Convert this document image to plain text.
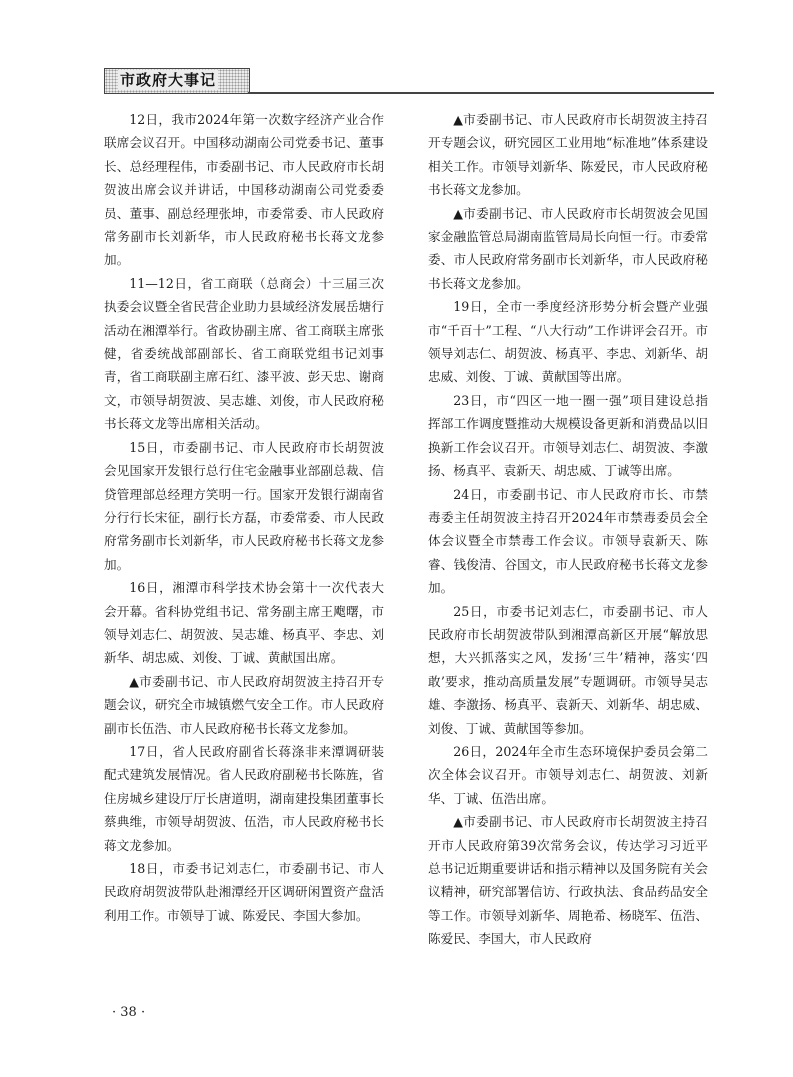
市政府大事记

12日，我市2024年第一次数字经济产业合作联席会议召开。中国移动湖南公司党委书记、董事长、总经理程伟，市委副书记、市人民政府市长胡贺波出席会议并讲话，中国移动湖南公司党委委员、董事、副总经理张坤，市委常委、市人民政府常务副市长刘新华，市人民政府秘书长蒋文龙参加。

11—12日，省工商联（总商会）十三届三次执委会议暨全省民营企业助力县域经济发展岳塘行活动在湘潭举行。省政协副主席、省工商联主席张健，省委统战部副部长、省工商联党组书记刘事青，省工商联副主席石红、漆平波、彭天忠、谢商文，市领导胡贺波、吴志雄、刘俊，市人民政府秘书长蒋文龙等出席相关活动。

15日，市委副书记、市人民政府市长胡贺波会见国家开发银行总行住宅金融事业部副总裁、信贷管理部总经理方笑明一行。国家开发银行湖南省分行行长宋征，副行长方磊，市委常委、市人民政府常务副市长刘新华，市人民政府秘书长蒋文龙参加。

16日，湘潭市科学技术协会第十一次代表大会开幕。省科协党组书记、常务副主席王飑曙，市领导刘志仁、胡贺波、吴志雄、杨真平、李忠、刘新华、胡忠威、刘俊、丁诚、黄献国出席。

▲市委副书记、市人民政府胡贺波主持召开专题会议，研究全市城镇燃气安全工作。市人民政府副市长伍浩、市人民政府秘书长蒋文龙参加。

17日，省人民政府副省长蒋涤非来潭调研装配式建筑发展情况。省人民政府副秘书长陈旌，省住房城乡建设厅厅长唐道明，湖南建投集团董事长蔡典维，市领导胡贺波、伍浩，市人民政府秘书长蒋文龙参加。

18日，市委书记刘志仁，市委副书记、市人民政府胡贺波带队赴湘潭经开区调研闲置资产盘活利用工作。市领导丁诚、陈爱民、李国大参加。

▲市委副书记、市人民政府市长胡贺波主持召开专题会议，研究园区工业用地“标准地”体系建设相关工作。市领导刘新华、陈爱民，市人民政府秘书长蒋文龙参加。

▲市委副书记、市人民政府市长胡贺波会见国家金融监管总局湖南监管局局长向恒一行。市委常委、市人民政府常务副市长刘新华，市人民政府秘书长蒋文龙参加。

19日，全市一季度经济形势分析会暨产业强市“千百十”工程、“八大行动”工作讲评会召开。市领导刘志仁、胡贺波、杨真平、李忠、刘新华、胡忠威、刘俊、丁诚、黄献国等出席。

23日，市“四区一地一圈一强”项目建设总指挥部工作调度暨推动大规模设备更新和消费品以旧换新工作会议召开。市领导刘志仁、胡贺波、李激扬、杨真平、袁新天、胡忠威、丁诚等出席。

24日，市委副书记、市人民政府市长、市禁毒委主任胡贺波主持召开2024年市禁毒委员会全体会议暨全市禁毒工作会议。市领导袁新天、陈睿、钱俊清、谷国文，市人民政府秘书长蒋文龙参加。

25日，市委书记刘志仁，市委副书记、市人民政府市长胡贺波带队到湘潭高新区开展“解放思想，大兴抓落实之风，发扬‘三牛’精神，落实‘四敢’要求，推动高质量发展”专题调研。市领导吴志雄、李激扬、杨真平、袁新天、刘新华、胡忠威、刘俊、丁诚、黄献国等参加。

26日，2024年全市生态环境保护委员会第二次全体会议召开。市领导刘志仁、胡贺波、刘新华、丁诚、伍浩出席。

▲市委副书记、市人民政府市长胡贺波主持召开市人民政府第39次常务会议，传达学习习近平总书记近期重要讲话和指示精神以及国务院有关会议精神，研究部署信访、行政执法、食品药品安全等工作。市领导刘新华、周艳希、杨晓军、伍浩、陈爱民、李国大，市人民政府

· 38 ·
